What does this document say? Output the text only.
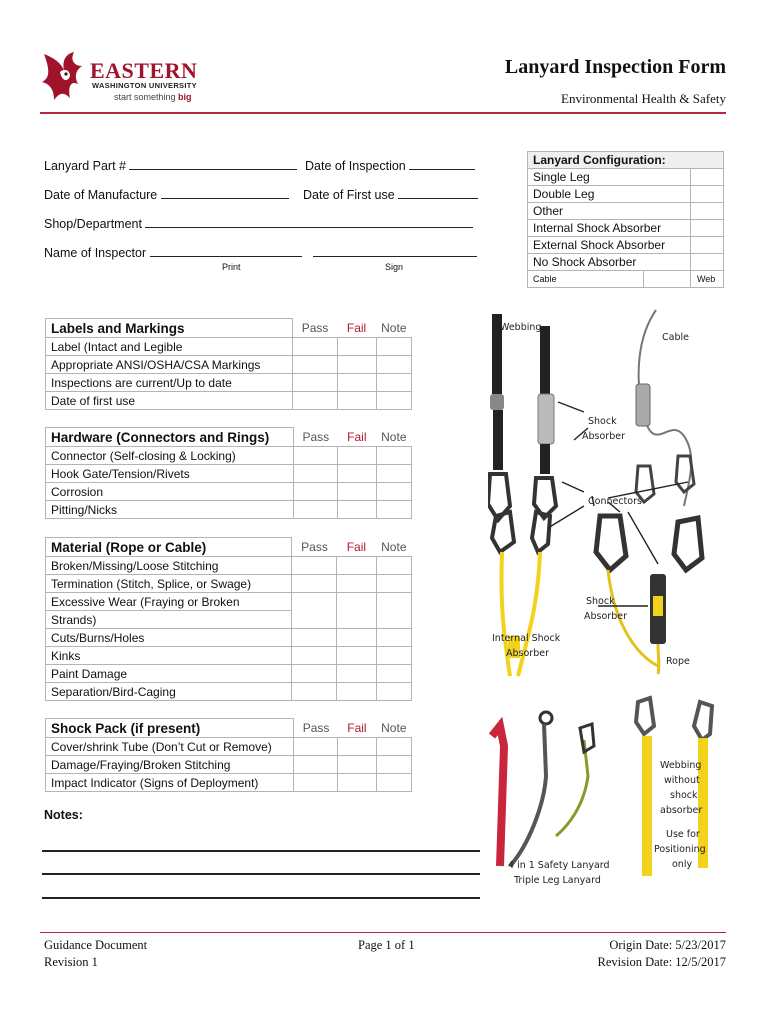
EASTERN
WASHINGTON UNIVERSITY
start something big
Lanyard Inspection Form
Environmental Health & Safety
Lanyard Part #	Date of Inspection
Date of Manufacture	Date of First use
Shop/Department
Name of Inspector
Print	Sign
Lanyard Configuration:		
Single Leg		
Double Leg		
Other		
Internal Shock Absorber		
External Shock Absorber		
No Shock Absorber		
Cable		Web
Labels and Markings	Pass	Fail	Note
Label (Intact and Legible			
Appropriate ANSI/OSHA/CSA Markings			
Inspections are current/Up to date			
Date of first use			
Hardware (Connectors and Rings)	Pass	Fail	Note
Connector (Self-closing & Locking)			
Hook Gate/Tension/Rivets			
Corrosion			
Pitting/Nicks			
Material (Rope or Cable)	Pass	Fail	Note
Broken/Missing/Loose Stitching			
Termination (Stitch, Splice, or Swage)			
Excessive Wear (Fraying or Broken			
Strands)			
Cuts/Burns/Holes			
Kinks			
Paint Damage			
Separation/Bird-Caging			
Shock Pack (if present)	Pass	Fail	Note
Cover/shrink Tube (Don’t Cut or Remove)			
Damage/Fraying/Broken Stitching			
Impact Indicator (Signs of Deployment)			
Notes:
Webbing
Cable
Shock
Absorber
Connectors
Internal Shock
Absorber
Shock
Absorber
Rope
4 in 1 Safety Lanyard
Triple Leg Lanyard
Webbing
without
shock
absorber
Use for
Positioning
only
Guidance Document
Revision 1
Page 1 of 1	Origin Date: 5/23/2017
Revision Date: 12/5/2017
